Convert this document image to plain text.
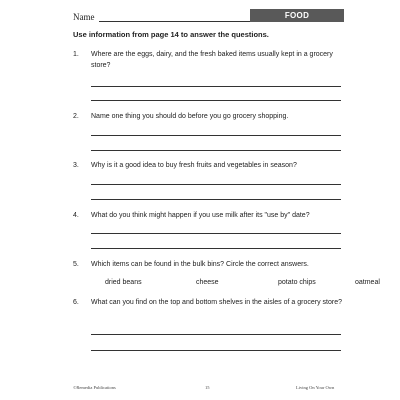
Name	FOOD
Use information from page 14 to answer the questions.
1. Where are the eggs, dairy, and the fresh baked items usually kept in a grocery store?
2. Name one thing you should do before you go grocery shopping.
3. Why is it a good idea to buy fresh fruits and vegetables in season?
4. What do you think might happen if you use milk after its "use by" date?
5. Which items can be found in the bulk bins? Circle the correct answers.
dried beans	cheese	potato chips	oatmeal
6. What can you find on the top and bottom shelves in the aisles of a grocery store?
©Remedia Publications	15	Living On Your Own
